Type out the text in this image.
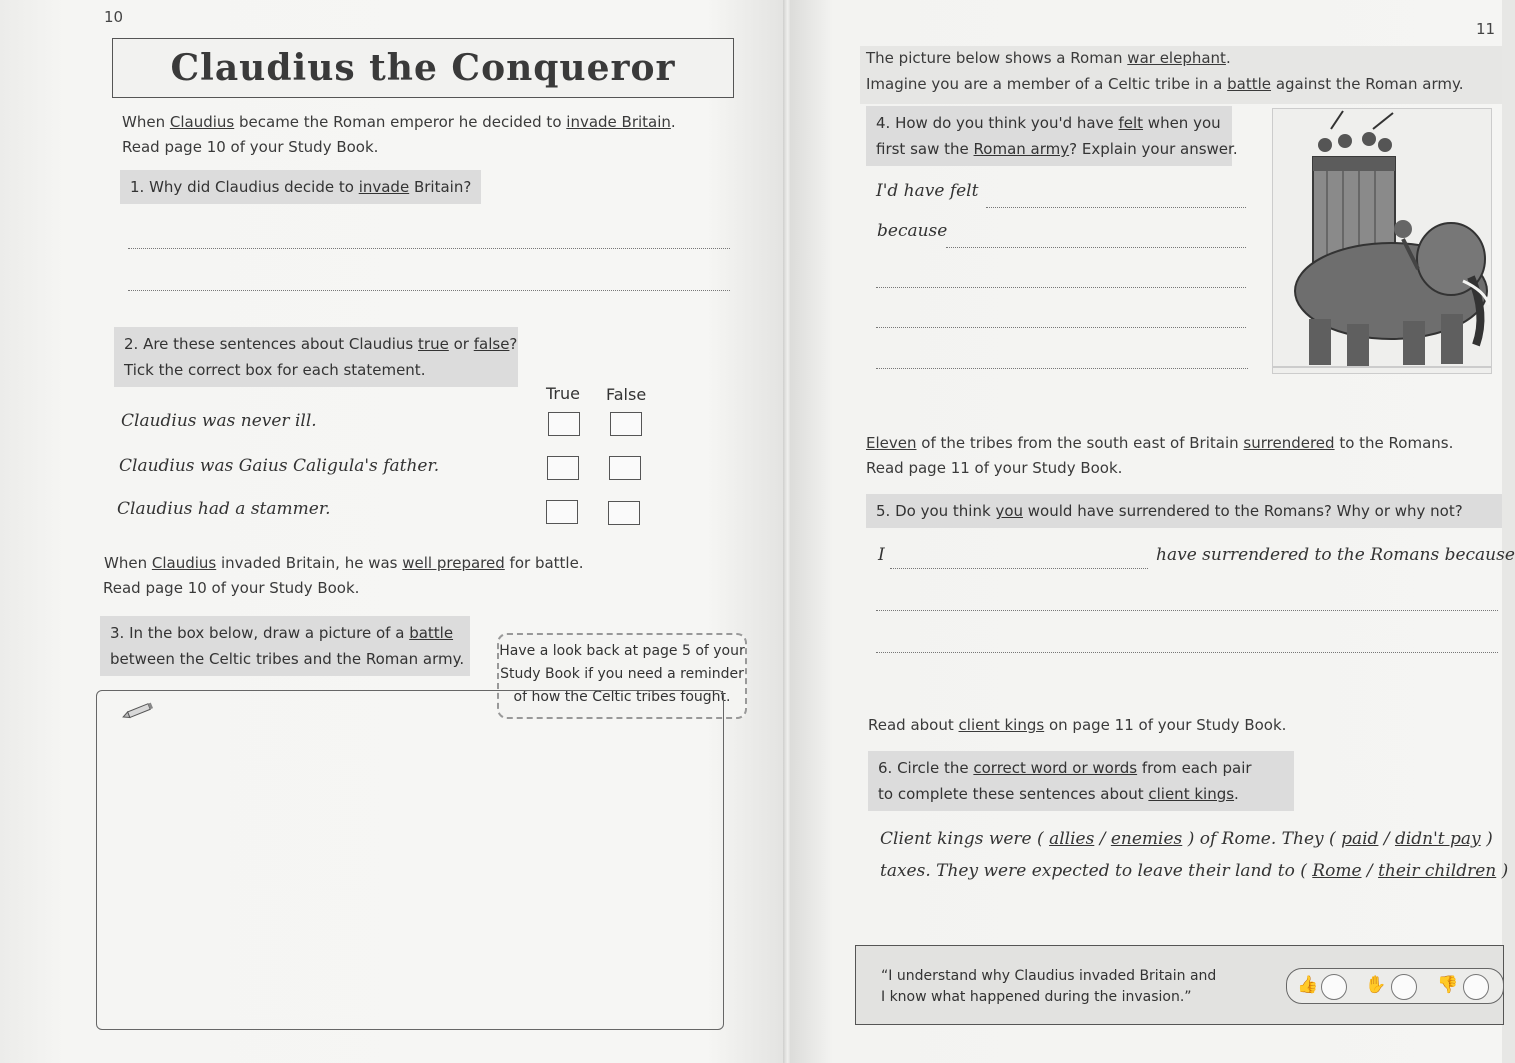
10
Claudius the Conqueror
When Claudius became the Roman emperor he decided to invade Britain.
Read page 10 of your Study Book.
1. Why did Claudius decide to invade Britain?
2. Are these sentences about Claudius true or false?
Tick the correct box for each statement.
True False
Claudius was never ill.
Claudius was Gaius Caligula's father.
Claudius had a stammer.
When Claudius invaded Britain, he was well prepared for battle.
Read page 10 of your Study Book.
3. In the box below, draw a picture of a battle
between the Celtic tribes and the Roman army.	Have a look back at page 5 of your
Study Book if you need a reminder
of how the Celtic tribes fought.
11
The picture below shows a Roman war elephant.
Imagine you are a member of a Celtic tribe in a battle against the Roman army.
4. How do you think you'd have felt when you
first saw the Roman army? Explain your answer.
I'd have felt
because
Eleven of the tribes from the south east of Britain surrendered to the Romans.
Read page 11 of your Study Book.
5. Do you think you would have surrendered to the Romans? Why or why not?
I	have surrendered to the Romans because
Read about client kings on page 11 of your Study Book.
6. Circle the correct word or words from each pair
to complete these sentences about client kings.
Client kings were ( allies / enemies ) of Rome. They ( paid / didn't pay )
taxes. They were expected to leave their land to ( Rome / their children )
“I understand why Claudius invaded Britain and
I know what happened during the invasion.”
👍	✋	👎
